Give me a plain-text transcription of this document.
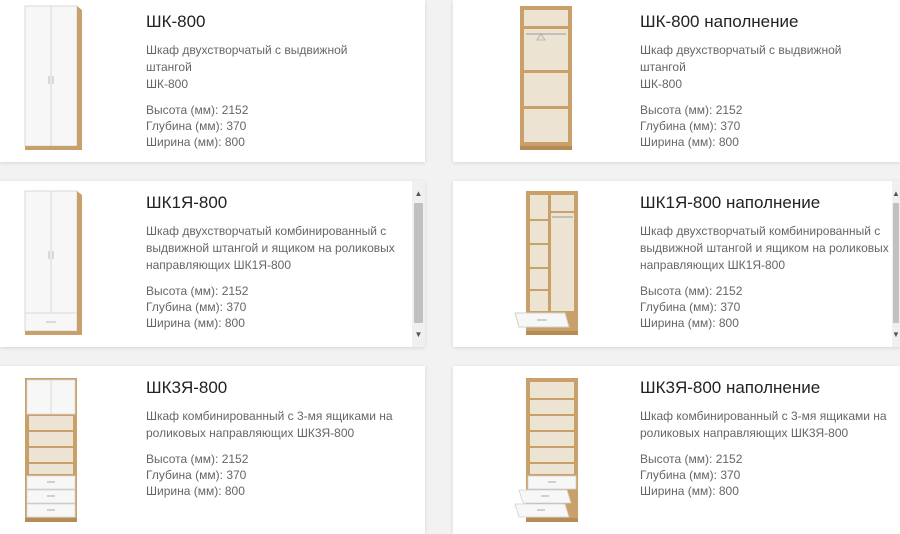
ШК-800
Шкаф двухстворчатый с выдвижной штангой
ШК-800
Высота (мм): 2152
Глубина (мм): 370
Ширина (мм): 800
ШК-800 наполнение
Шкаф двухстворчатый с выдвижной штангой
ШК-800
Высота (мм): 2152
Глубина (мм): 370
Ширина (мм): 800
ШК1Я-800
Шкаф двухстворчатый комбинированный с
выдвижной штангой и ящиком на роликовых
направляющих ШК1Я-800
Высота (мм): 2152
Глубина (мм): 370
Ширина (мм): 800
▲
▼
ШК1Я-800 наполнение
Шкаф двухстворчатый комбинированный с
выдвижной штангой и ящиком на роликовых
направляющих ШК1Я-800
Высота (мм): 2152
Глубина (мм): 370
Ширина (мм): 800
▲
▼
ШК3Я-800
Шкаф комбинированный с 3-мя ящиками на
роликовых направляющих ШК3Я-800
Высота (мм): 2152
Глубина (мм): 370
Ширина (мм): 800
ШК3Я-800 наполнение
Шкаф комбинированный с 3-мя ящиками на
роликовых направляющих ШК3Я-800
Высота (мм): 2152
Глубина (мм): 370
Ширина (мм): 800
